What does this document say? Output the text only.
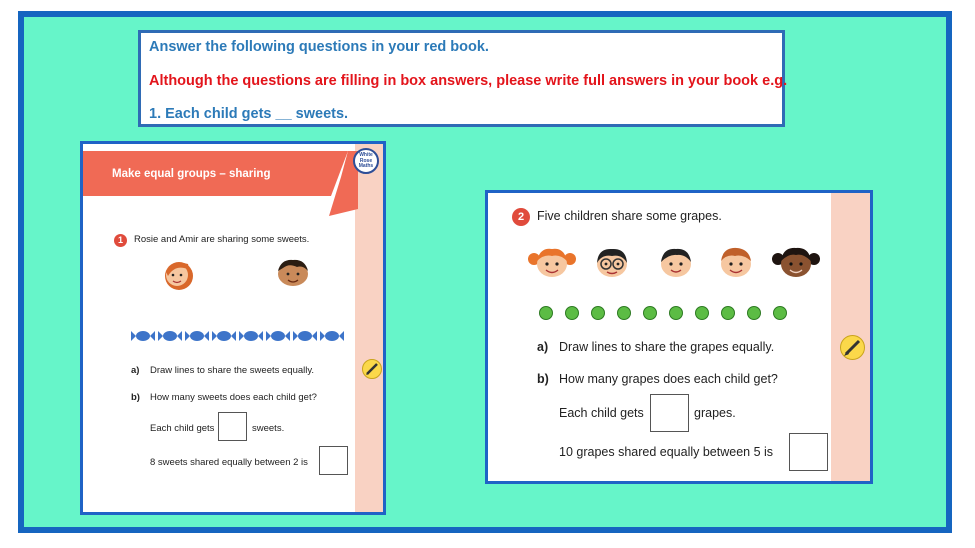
Answer the following questions in your red book.
Although the questions are filling in box answers, please write full answers in your book e.g.
1. Each child gets __ sweets.
Make equal groups – sharing
White
Rose
Maths
1	Rosie and Amir are sharing some sweets.
a) Draw lines to share the sweets equally.
b) How many sweets does each child get?
Each child gets	sweets.
8 sweets shared equally between 2 is
2	Five children share some grapes.
a) Draw lines to share the grapes equally.
b) How many grapes does each child get?
Each child gets	grapes.
10 grapes shared equally between 5 is
